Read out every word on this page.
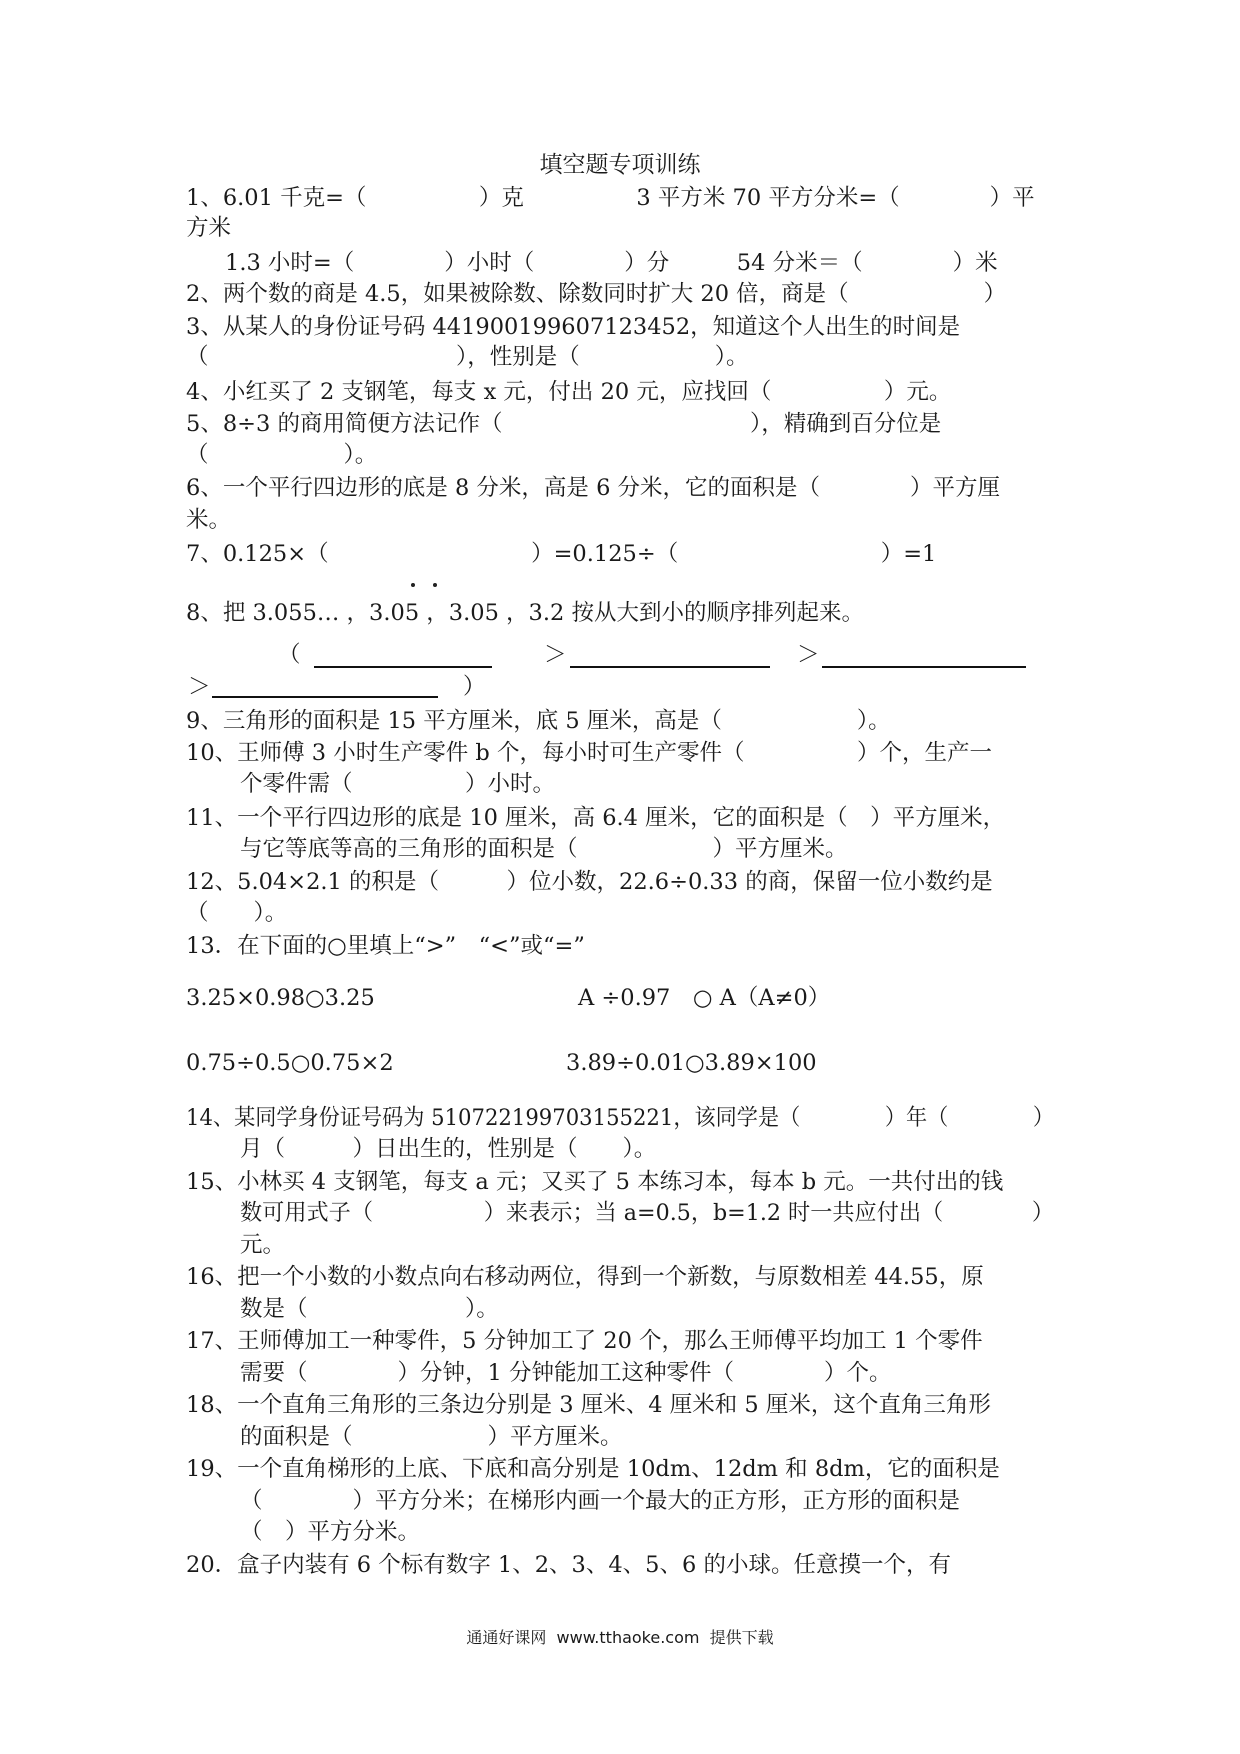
填空题专项训练
1、6.01 千克=（　　　　　）克　　　　　3 平方米 70 平方分米=（　　　　）平
方米
1.3 小时=（　　　　）小时（　　　　）分　　　54 分米＝（　　　　）米
2、两个数的商是 4.5，如果被除数、除数同时扩大 20 倍，商是（　　　　　　）
3、从某人的身份证号码 441900199607123452，知道这个人出生的时间是
（　　　　　　　　　　　），性别是（　　　　　　）。
4、小红买了 2 支钢笔，每支 x 元，付出 20 元，应找回（　　　　　）元。
5、8÷3 的商用简便方法记作（　　　　　　　　　　　），精确到百分位是
（　　　　　　）。
6、一个平行四边形的底是 8 分米，高是 6 分米，它的面积是（　　　　）平方厘
米。
7、0.125×（　　　　　　　　　）=0.125÷（　　　　　　　　　）=1
8、把 3.055… ，3.05 ，3.05 ，3.2 按从大到小的顺序排列起来。
（	＞	＞
＞	）
9、三角形的面积是 15 平方厘米，底 5 厘米，高是（　　　　　　）。
10、王师傅 3 小时生产零件 b 个，每小时可生产零件（　　　　　）个，生产一
个零件需（　　　　　）小时。
11、一个平行四边形的底是 10 厘米，高 6.4 厘米，它的面积是（　）平方厘米，
与它等底等高的三角形的面积是（　　　　　　）平方厘米。
12、5.04×2.1 的积是（　　　）位小数，22.6÷0.33 的商，保留一位小数约是
（　　）。
13．在下面的○里填上“>”　“<”或“=”
3.25×0.98○3.25	A ÷0.97　○ A（A≠0）
0.75÷0.5○0.75×2	3.89÷0.01○3.89×100
14、某同学身份证号码为 510722199703155221，该同学是（　　　　）年（　　　　）
月（　　　）日出生的，性别是（　　）。
15、小林买 4 支钢笔，每支 a 元；又买了 5 本练习本，每本 b 元。一共付出的钱
数可用式子（　　　　　）来表示；当 a=0.5，b=1.2 时一共应付出（　　　　）
元。
16、把一个小数的小数点向右移动两位，得到一个新数，与原数相差 44.55，原
数是（　　　　　　　）。
17、王师傅加工一种零件，5 分钟加工了 20 个，那么王师傅平均加工 1 个零件
需要（　　　　）分钟，1 分钟能加工这种零件（　　　　）个。
18、一个直角三角形的三条边分别是 3 厘米、4 厘米和 5 厘米，这个直角三角形
的面积是（　　　　　　）平方厘米。
19、一个直角梯形的上底、下底和高分别是 10dm、12dm 和 8dm，它的面积是
（　　　　）平方分米；在梯形内画一个最大的正方形，正方形的面积是
（　）平方分米。
20．盒子内装有 6 个标有数字 1、2、3、4、5、6 的小球。任意摸一个，有
通通好课网  www.tthaoke.com  提供下载
